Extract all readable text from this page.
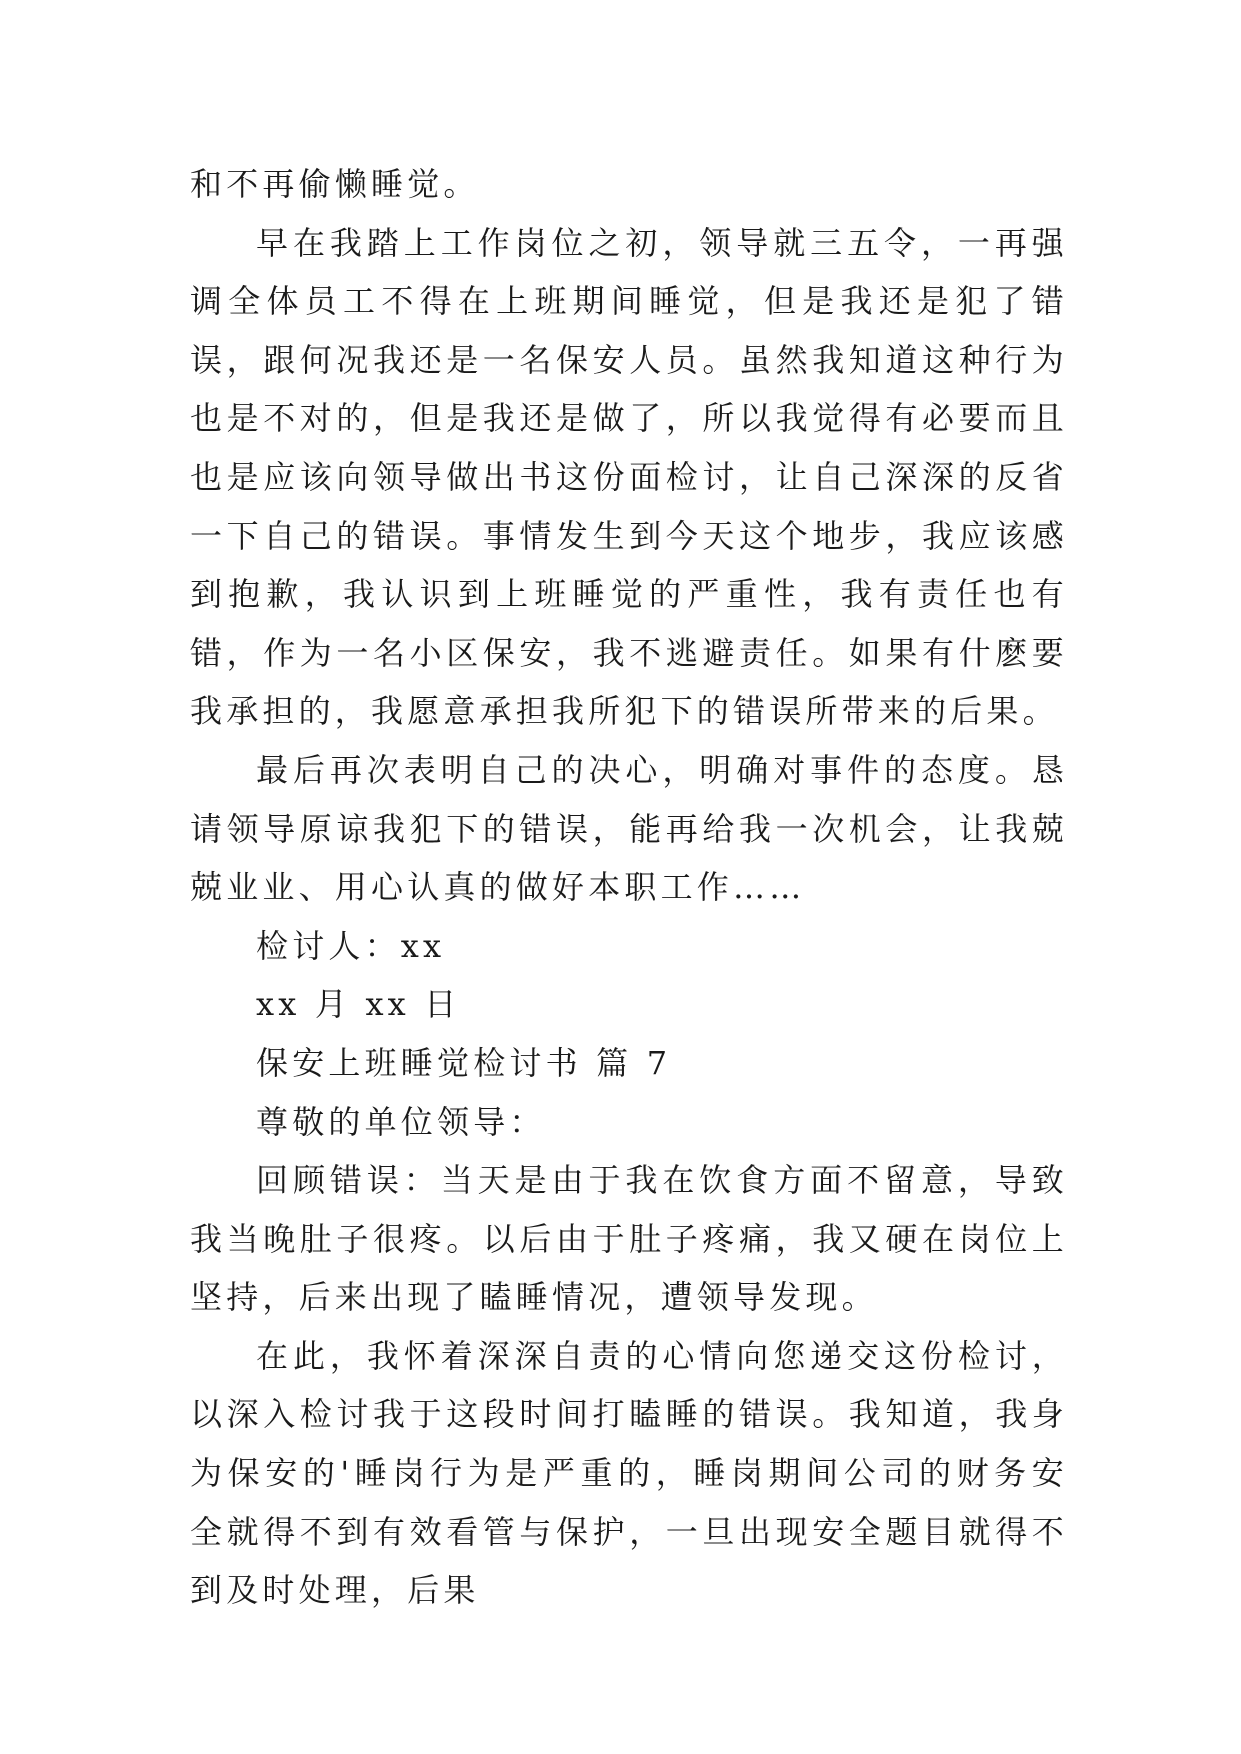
和不再偷懒睡觉。

早在我踏上工作岗位之初，领导就三五令，一再强调全体员工不得在上班期间睡觉，但是我还是犯了错误，跟何况我还是一名保安人员。虽然我知道这种行为也是不对的，但是我还是做了，所以我觉得有必要而且也是应该向领导做出书这份面检讨，让自己深深的反省一下自己的错误。事情发生到今天这个地步，我应该感到抱歉，我认识到上班睡觉的严重性，我有责任也有错，作为一名小区保安，我不逃避责任。如果有什麽要我承担的，我愿意承担我所犯下的错误所带来的后果。

最后再次表明自己的决心，明确对事件的态度。恳请领导原谅我犯下的错误，能再给我一次机会，让我兢兢业业、用心认真的做好本职工作……

检讨人：xx

xx 月 xx 日

保安上班睡觉检讨书 篇 7

尊敬的单位领导：

回顾错误：当天是由于我在饮食方面不留意，导致我当晚肚子很疼。以后由于肚子疼痛，我又硬在岗位上坚持，后来出现了瞌睡情况，遭领导发现。

在此，我怀着深深自责的心情向您递交这份检讨，以深入检讨我于这段时间打瞌睡的错误。我知道，我身为保安的'睡岗行为是严重的，睡岗期间公司的财务安全就得不到有效看管与保护，一旦出现安全题目就得不到及时处理，后果
